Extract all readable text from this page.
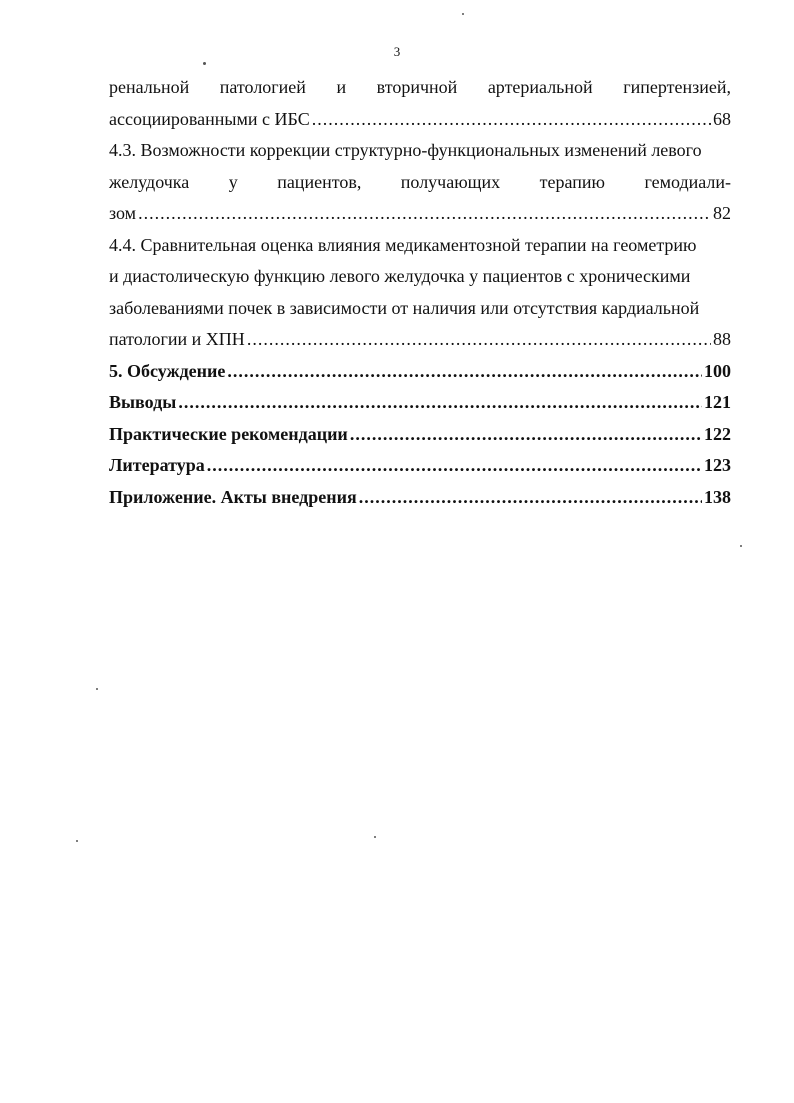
3
ренальной патологией и вторичной артериальной гипертензией,
ассоциированными с ИБС .....	68
4.3. Возможности коррекции структурно-функциональных изменений левого
желудочка у пациентов, получающих терапию гемодиали-
зом .....	82
4.4. Сравнительная оценка влияния медикаментозной терапии на геометрию
и диастолическую функцию левого желудочка у пациентов с хроническими
заболеваниями почек в зависимости от наличия или отсутствия кардиальной
патологии и ХПН .....	88
5. Обсуждение .....	100
Выводы .....	121
Практические рекомендации .....	122
Литература .....	123
Приложение. Акты внедрения .....	138
